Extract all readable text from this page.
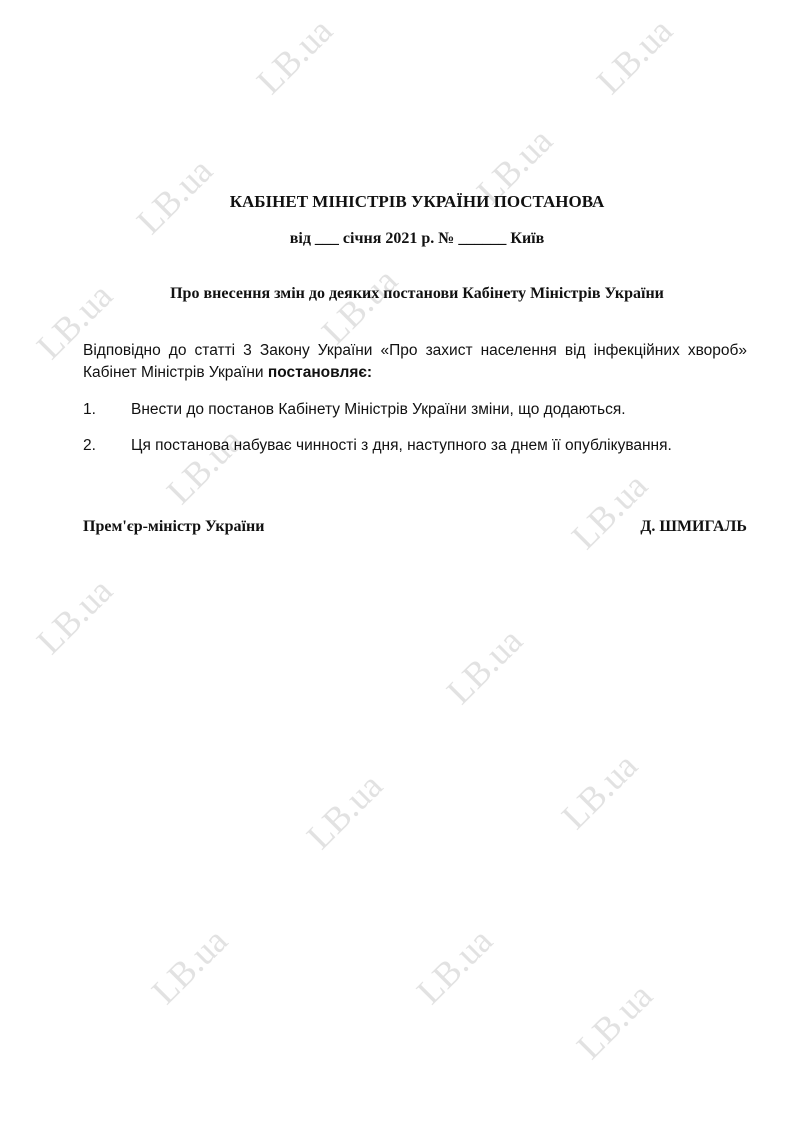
LB.ua	LB.ua
LB.ua	LB.ua
LB.ua	LB.ua
LB.ua	LB.ua
LB.ua
LB.ua
LB.ua	LB.ua
LB.ua	LB.ua
LB.ua
КАБІНЕТ МІНІСТРІВ УКРАЇНИ ПОСТАНОВА
від ___ січня 2021 р. № ______ Київ
Про внесення змін до деяких постанови Кабінету Міністрів України
Відповідно до статті 3 Закону України «Про захист населення від інфекційних хвороб» Кабінет Міністрів України постановляє:
1. Внести до постанов Кабінету Міністрів України зміни, що додаються.
2. Ця постанова набуває чинності з дня, наступного за днем її опублікування.
Прем'єр-міністр України	Д. ШМИГАЛЬ
